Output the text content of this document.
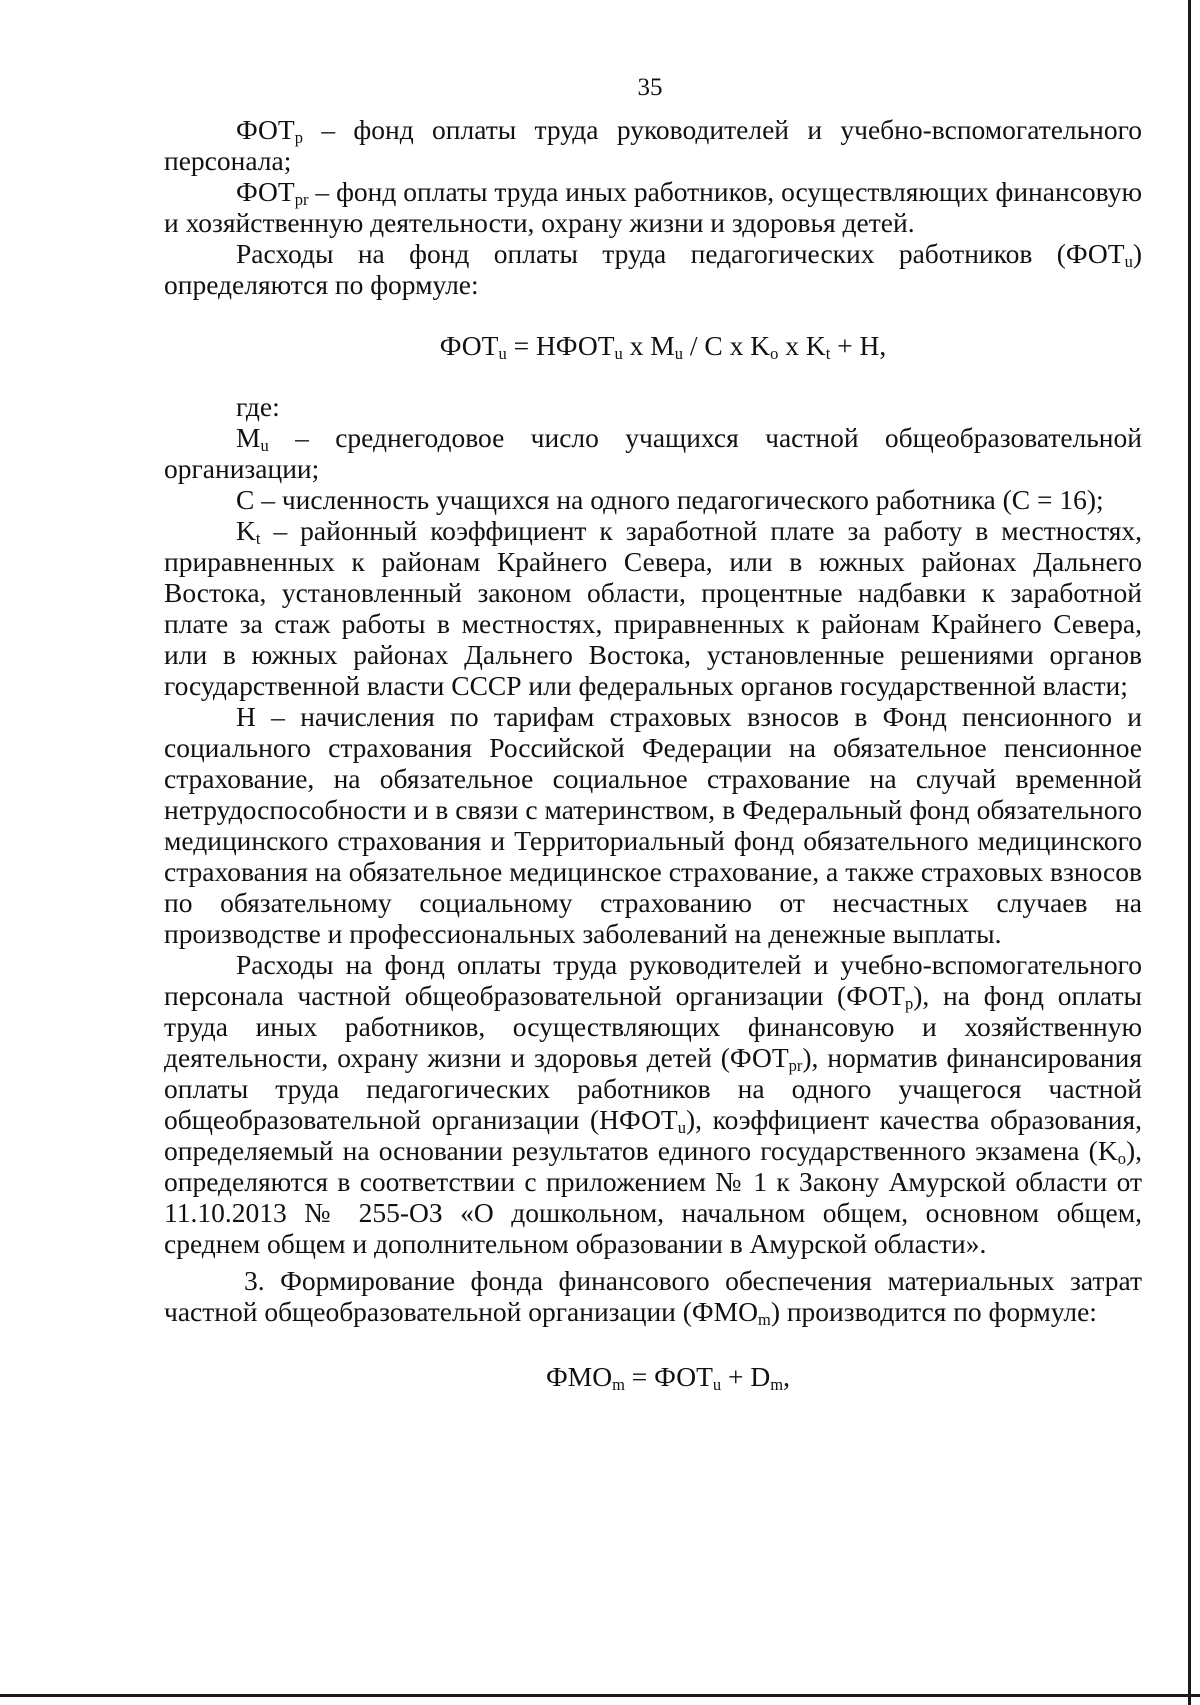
35

$ФОТ_р$ – фонд оплаты труда руководителей и учебно-вспомогательного персонала;

$ФОТ_{pr}$ – фонд оплаты труда иных работников, осуществляющих финансовую и хозяйственную деятельности, охрану жизни и здоровья детей.

Расходы на фонд оплаты труда педагогических работников $(ФОТ_u)$ определяются по формуле:

$ФОТ_u$ = $НФОТ_u$ x $M_u$ / C x $K_o$ x $K_t + H$,

где:

$M_u$ – среднегодовое число учащихся частной общеобразовательной организации;

С – численность учащихся на одного педагогического работника (С = 16);

$K_t$ – районный коэффициент к заработной плате за работу в местностях, приравненных к районам Крайнего Севера, или в южных районах Дальнего Востока, установленный законом области, процентные надбавки к заработной плате за стаж работы в местностях, приравненных к районам Крайнего Севера, или в южных районах Дальнего Востока, установленные решениями органов государственной власти СССР или федеральных органов государственной власти;

Н – начисления по тарифам страховых взносов в Фонд пенсионного и социального страхования Российской Федерации на обязательное пенсионное страхование, на обязательное социальное страхование на случай временной нетрудоспособности и в связи с материнством, в Федеральный фонд обязательного медицинского страхования и Территориальный фонд обязательного медицинского страхования на обязательное медицинское страхование, а также страховых взносов по обязательному социальному страхованию от несчастных случаев на производстве и профессиональных заболеваний на денежные выплаты.

Расходы на фонд оплаты труда руководителей и учебно-вспомогательного персонала частной общеобразовательной организации $(ФОТ_р)$, на фонд оплаты труда иных работников, осуществляющих финансовую и хозяйственную деятельности, охрану жизни и здоровья детей $(ФОТ_{pr})$, норматив финансирования оплаты труда педагогических работников на одного учащегося частной общеобразовательной организации $(НФОТ_u)$, коэффициент качества образования, определяемый на основании результатов единого государственного экзамена $(K_o)$, определяются в соответствии с приложением № 1 к Закону Амурской области от 11.10.2013 № 255-ОЗ «О дошкольном, начальном общем, основном общем, среднем общем и дополнительном образовании в Амурской области».

3. Формирование фонда финансового обеспечения материальных затрат частной общеобразовательной организации $(ФМО_m)$ производится по формуле:

$ФМО_m = ФОТ_u + D_m$,
